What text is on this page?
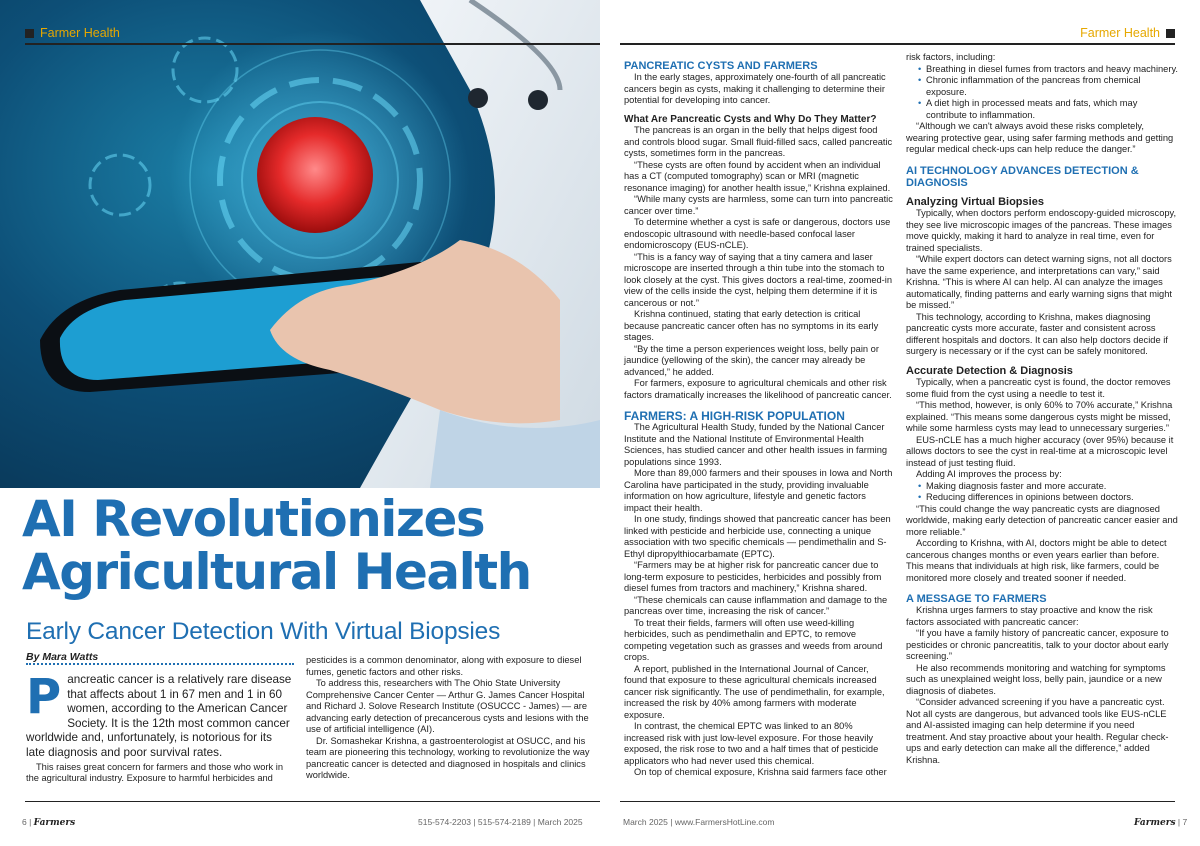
Farmer Health	Farmer Health
AI Revolutionizes
Agricultural Health
Early Cancer Detection With Virtual Biopsies
By Mara Watts
P ancreatic cancer is a relatively rare disease that affects about 1 in 67 men and 1 in 60 women, according to the American Cancer Society. It is the 12th most common cancer worldwide and, unfortunately, is notorious for its late diagnosis and poor survival rates.

This raises great concern for farmers and those who work in the agricultural industry. Exposure to harmful herbicides and

pesticides is a common denominator, along with exposure to diesel fumes, genetic factors and other risks.

To address this, researchers with The Ohio State University Comprehensive Cancer Center — Arthur G. James Cancer Hospital and Richard J. Solove Research Institute (OSUCCC - James) — are advancing early detection of precancerous cysts and lesions with the use of artificial intelligence (AI).

Dr. Somashekar Krishna, a gastroenterologist at OSUCC, and his team are pioneering this technology, working to revolutionize the way pancreatic cancer is detected and diagnosed in hospitals and clinics worldwide.

PANCREATIC CYSTS AND FARMERS

In the early stages, approximately one-fourth of all pancreatic cancers begin as cysts, making it challenging to determine their potential for developing into cancer.

What Are Pancreatic Cysts and Why Do They Matter?

The pancreas is an organ in the belly that helps digest food and controls blood sugar. Small fluid-filled sacs, called pancreatic cysts, sometimes form in the pancreas.

“These cysts are often found by accident when an individual has a CT (computed tomography) scan or MRI (magnetic resonance imaging) for another health issue,” Krishna explained.

“While many cysts are harmless, some can turn into pancreatic cancer over time.”

To determine whether a cyst is safe or dangerous, doctors use endoscopic ultrasound with needle-based confocal laser endomicroscopy (EUS-nCLE).

“This is a fancy way of saying that a tiny camera and laser microscope are inserted through a thin tube into the stomach to look closely at the cyst. This gives doctors a real-time, zoomed-in view of the cells inside the cyst, helping them determine if it is cancerous or not.”

Krishna continued, stating that early detection is critical because pancreatic cancer often has no symptoms in its early stages.

“By the time a person experiences weight loss, belly pain or jaundice (yellowing of the skin), the cancer may already be advanced,” he added.

For farmers, exposure to agricultural chemicals and other risk factors dramatically increases the likelihood of pancreatic cancer.

FARMERS: A HIGH-RISK POPULATION

The Agricultural Health Study, funded by the National Cancer Institute and the National Institute of Environmental Health Sciences, has studied cancer and other health issues in farming populations since 1993.

More than 89,000 farmers and their spouses in Iowa and North Carolina have participated in the study, providing invaluable information on how agriculture, lifestyle and genetic factors impact their health.

In one study, findings showed that pancreatic cancer has been linked with pesticide and herbicide use, connecting a unique association with two specific chemicals — pendimethalin and S-Ethyl dipropylthiocarbamate (EPTC).

“Farmers may be at higher risk for pancreatic cancer due to long-term exposure to pesticides, herbicides and possibly from diesel fumes from tractors and machinery,” Krishna shared.

“These chemicals can cause inflammation and damage to the pancreas over time, increasing the risk of cancer.”

To treat their fields, farmers will often use weed-killing herbicides, such as pendimethalin and EPTC, to remove competing vegetation such as grasses and weeds from around crops.

A report, published in the International Journal of Cancer, found that exposure to these agricultural chemicals increased cancer risk significantly. The use of pendimethalin, for example, increased the risk by 40% among farmers with moderate exposure.

In contrast, the chemical EPTC was linked to an 80% increased risk with just low-level exposure. For those heavily exposed, the risk rose to two and a half times that of pesticide applicators who had never used this chemical.

On top of chemical exposure, Krishna said farmers face other

risk factors, including:

• Breathing in diesel fumes from tractors and heavy machinery.
• Chronic inflammation of the pancreas from chemical exposure.
• A diet high in processed meats and fats, which may contribute to inflammation.

“Although we can't always avoid these risks completely, wearing protective gear, using safer farming methods and getting regular medical check-ups can help reduce the danger.”

AI TECHNOLOGY ADVANCES DETECTION & DIAGNOSIS
Analyzing Virtual Biopsies

Typically, when doctors perform endoscopy-guided microscopy, they see live microscopic images of the pancreas. These images move quickly, making it hard to analyze in real time, even for trained specialists.

“While expert doctors can detect warning signs, not all doctors have the same experience, and interpretations can vary,” said Krishna. “This is where AI can help. AI can analyze the images automatically, finding patterns and early warning signs that might be missed.”

This technology, according to Krishna, makes diagnosing pancreatic cysts more accurate, faster and consistent across different hospitals and doctors. It can also help doctors decide if surgery is necessary or if the cyst can be safely monitored.

Accurate Detection & Diagnosis

Typically, when a pancreatic cyst is found, the doctor removes some fluid from the cyst using a needle to test it.

“This method, however, is only 60% to 70% accurate,” Krishna explained. “This means some dangerous cysts might be missed, while some harmless cysts may lead to unnecessary surgeries.”

EUS-nCLE has a much higher accuracy (over 95%) because it allows doctors to see the cyst in real-time at a microscopic level instead of just testing fluid.

Adding AI improves the process by:

• Making diagnosis faster and more accurate.
• Reducing differences in opinions between doctors.

“This could change the way pancreatic cysts are diagnosed worldwide, making early detection of pancreatic cancer easier and more reliable.”

According to Krishna, with AI, doctors might be able to detect cancerous changes months or even years earlier than before. This means that individuals at high risk, like farmers, could be monitored more closely and treated sooner if needed.

A MESSAGE TO FARMERS

Krishna urges farmers to stay proactive and know the risk factors associated with pancreatic cancer:

“If you have a family history of pancreatic cancer, exposure to pesticides or chronic pancreatitis, talk to your doctor about early screening.”

He also recommends monitoring and watching for symptoms such as unexplained weight loss, belly pain, jaundice or a new diagnosis of diabetes.

“Consider advanced screening if you have a pancreatic cyst. Not all cysts are dangerous, but advanced tools like EUS-nCLE and AI-assisted imaging can help determine if you need treatment. And stay proactive about your health. Regular check-ups and early detection can make all the difference,” added Krishna.

6 | Farmers	515-574-2203 | 515-574-2189 | March 2025	March 2025 | www.FarmersHotLine.com	Farmers | 7
